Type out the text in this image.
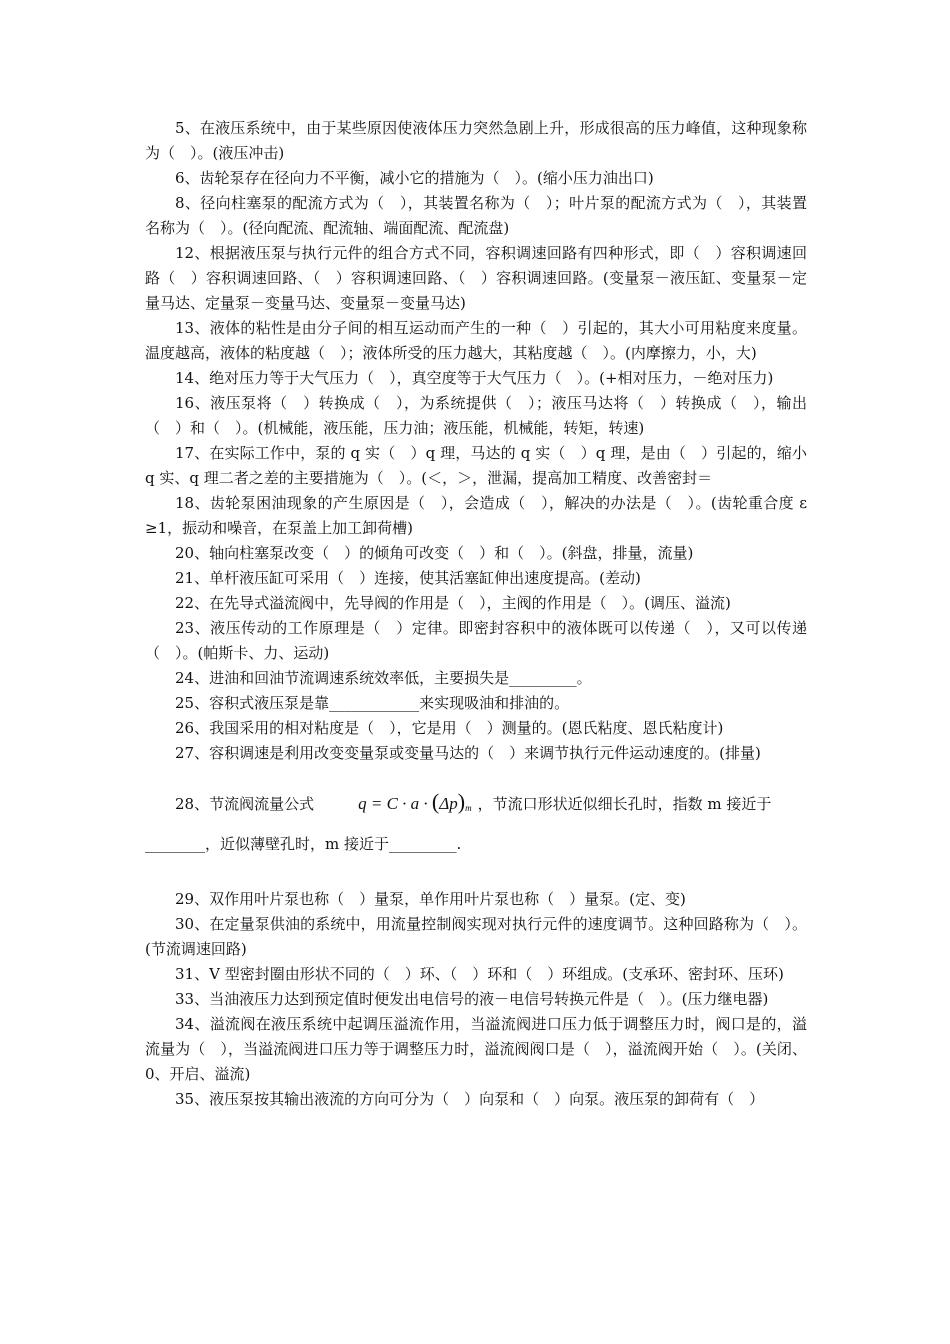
5、在液压系统中，由于某些原因使液体压力突然急剧上升，形成很高的压力峰值，这种现象称为（　）。(液压冲击)

6、齿轮泵存在径向力不平衡，减小它的措施为（　）。(缩小压力油出口)

8、径向柱塞泵的配流方式为（　），其装置名称为（　）；叶片泵的配流方式为（　），其装置名称为（　）。(径向配流、配流轴、端面配流、配流盘)

12、根据液压泵与执行元件的组合方式不同，容积调速回路有四种形式，即（　）容积调速回路（　）容积调速回路、（　）容积调速回路、（　）容积调速回路。(变量泵－液压缸、变量泵－定量马达、定量泵－变量马达、变量泵－变量马达)

13、液体的粘性是由分子间的相互运动而产生的一种（　）引起的，其大小可用粘度来度量。温度越高，液体的粘度越（　）；液体所受的压力越大，其粘度越（　）。(内摩擦力，小，大)

14、绝对压力等于大气压力（　），真空度等于大气压力（　）。(+相对压力，－绝对压力)

16、液压泵将（　）转换成（　），为系统提供（　）；液压马达将（　）转换成（　），输出（　）和（　）。(机械能，液压能，压力油；液压能，机械能，转矩，转速)

17、在实际工作中，泵的 q 实（　）q 理，马达的 q 实（　）q 理，是由（　）引起的，缩小 q 实、q 理二者之差的主要措施为（　）。(＜，＞，泄漏，提高加工精度、改善密封＝

18、齿轮泵困油现象的产生原因是（　），会造成（　），解决的办法是（　）。(齿轮重合度 ε ≥1，振动和噪音，在泵盖上加工卸荷槽)

20、轴向柱塞泵改变（　）的倾角可改变（　）和（　）。(斜盘，排量，流量)

21、单杆液压缸可采用（　）连接，使其活塞缸伸出速度提高。(差动)

22、在先导式溢流阀中，先导阀的作用是（　），主阀的作用是（　）。(调压、溢流)

23、液压传动的工作原理是（　）定律。即密封容积中的液体既可以传递（　），又可以传递（　）。(帕斯卡、力、运动)

24、进油和回油节流调速系统效率低，主要损失是_________。

25、容积式液压泵是靠____________来实现吸油和排油的。

26、我国采用的相对粘度是（　），它是用（　）测量的。(恩氏粘度、恩氏粘度计)

27、容积调速是利用改变变量泵或变量马达的（　）来调节执行元件运动速度的。(排量)

28、节流阀流量公式	$q = C \cdot a \cdot (\Delta p)_m$ ，节流口形状近似细长孔时，指数 m 接近于
________，近似薄壁孔时，m 接近于_________.

29、双作用叶片泵也称（　）量泵，单作用叶片泵也称（　）量泵。(定、变)

30、在定量泵供油的系统中，用流量控制阀实现对执行元件的速度调节。这种回路称为（　）。(节流调速回路)

31、V 型密封圈由形状不同的（　）环、（　）环和（　）环组成。(支承环、密封环、压环)

33、当油液压力达到预定值时便发出电信号的液－电信号转换元件是（　）。(压力继电器)

34、溢流阀在液压系统中起调压溢流作用，当溢流阀进口压力低于调整压力时，阀口是的，溢流量为（　），当溢流阀进口压力等于调整压力时，溢流阀阀口是（　），溢流阀开始（　）。(关闭、0、开启、溢流)

35、液压泵按其输出液流的方向可分为（　）向泵和（　）向泵。液压泵的卸荷有（　）
